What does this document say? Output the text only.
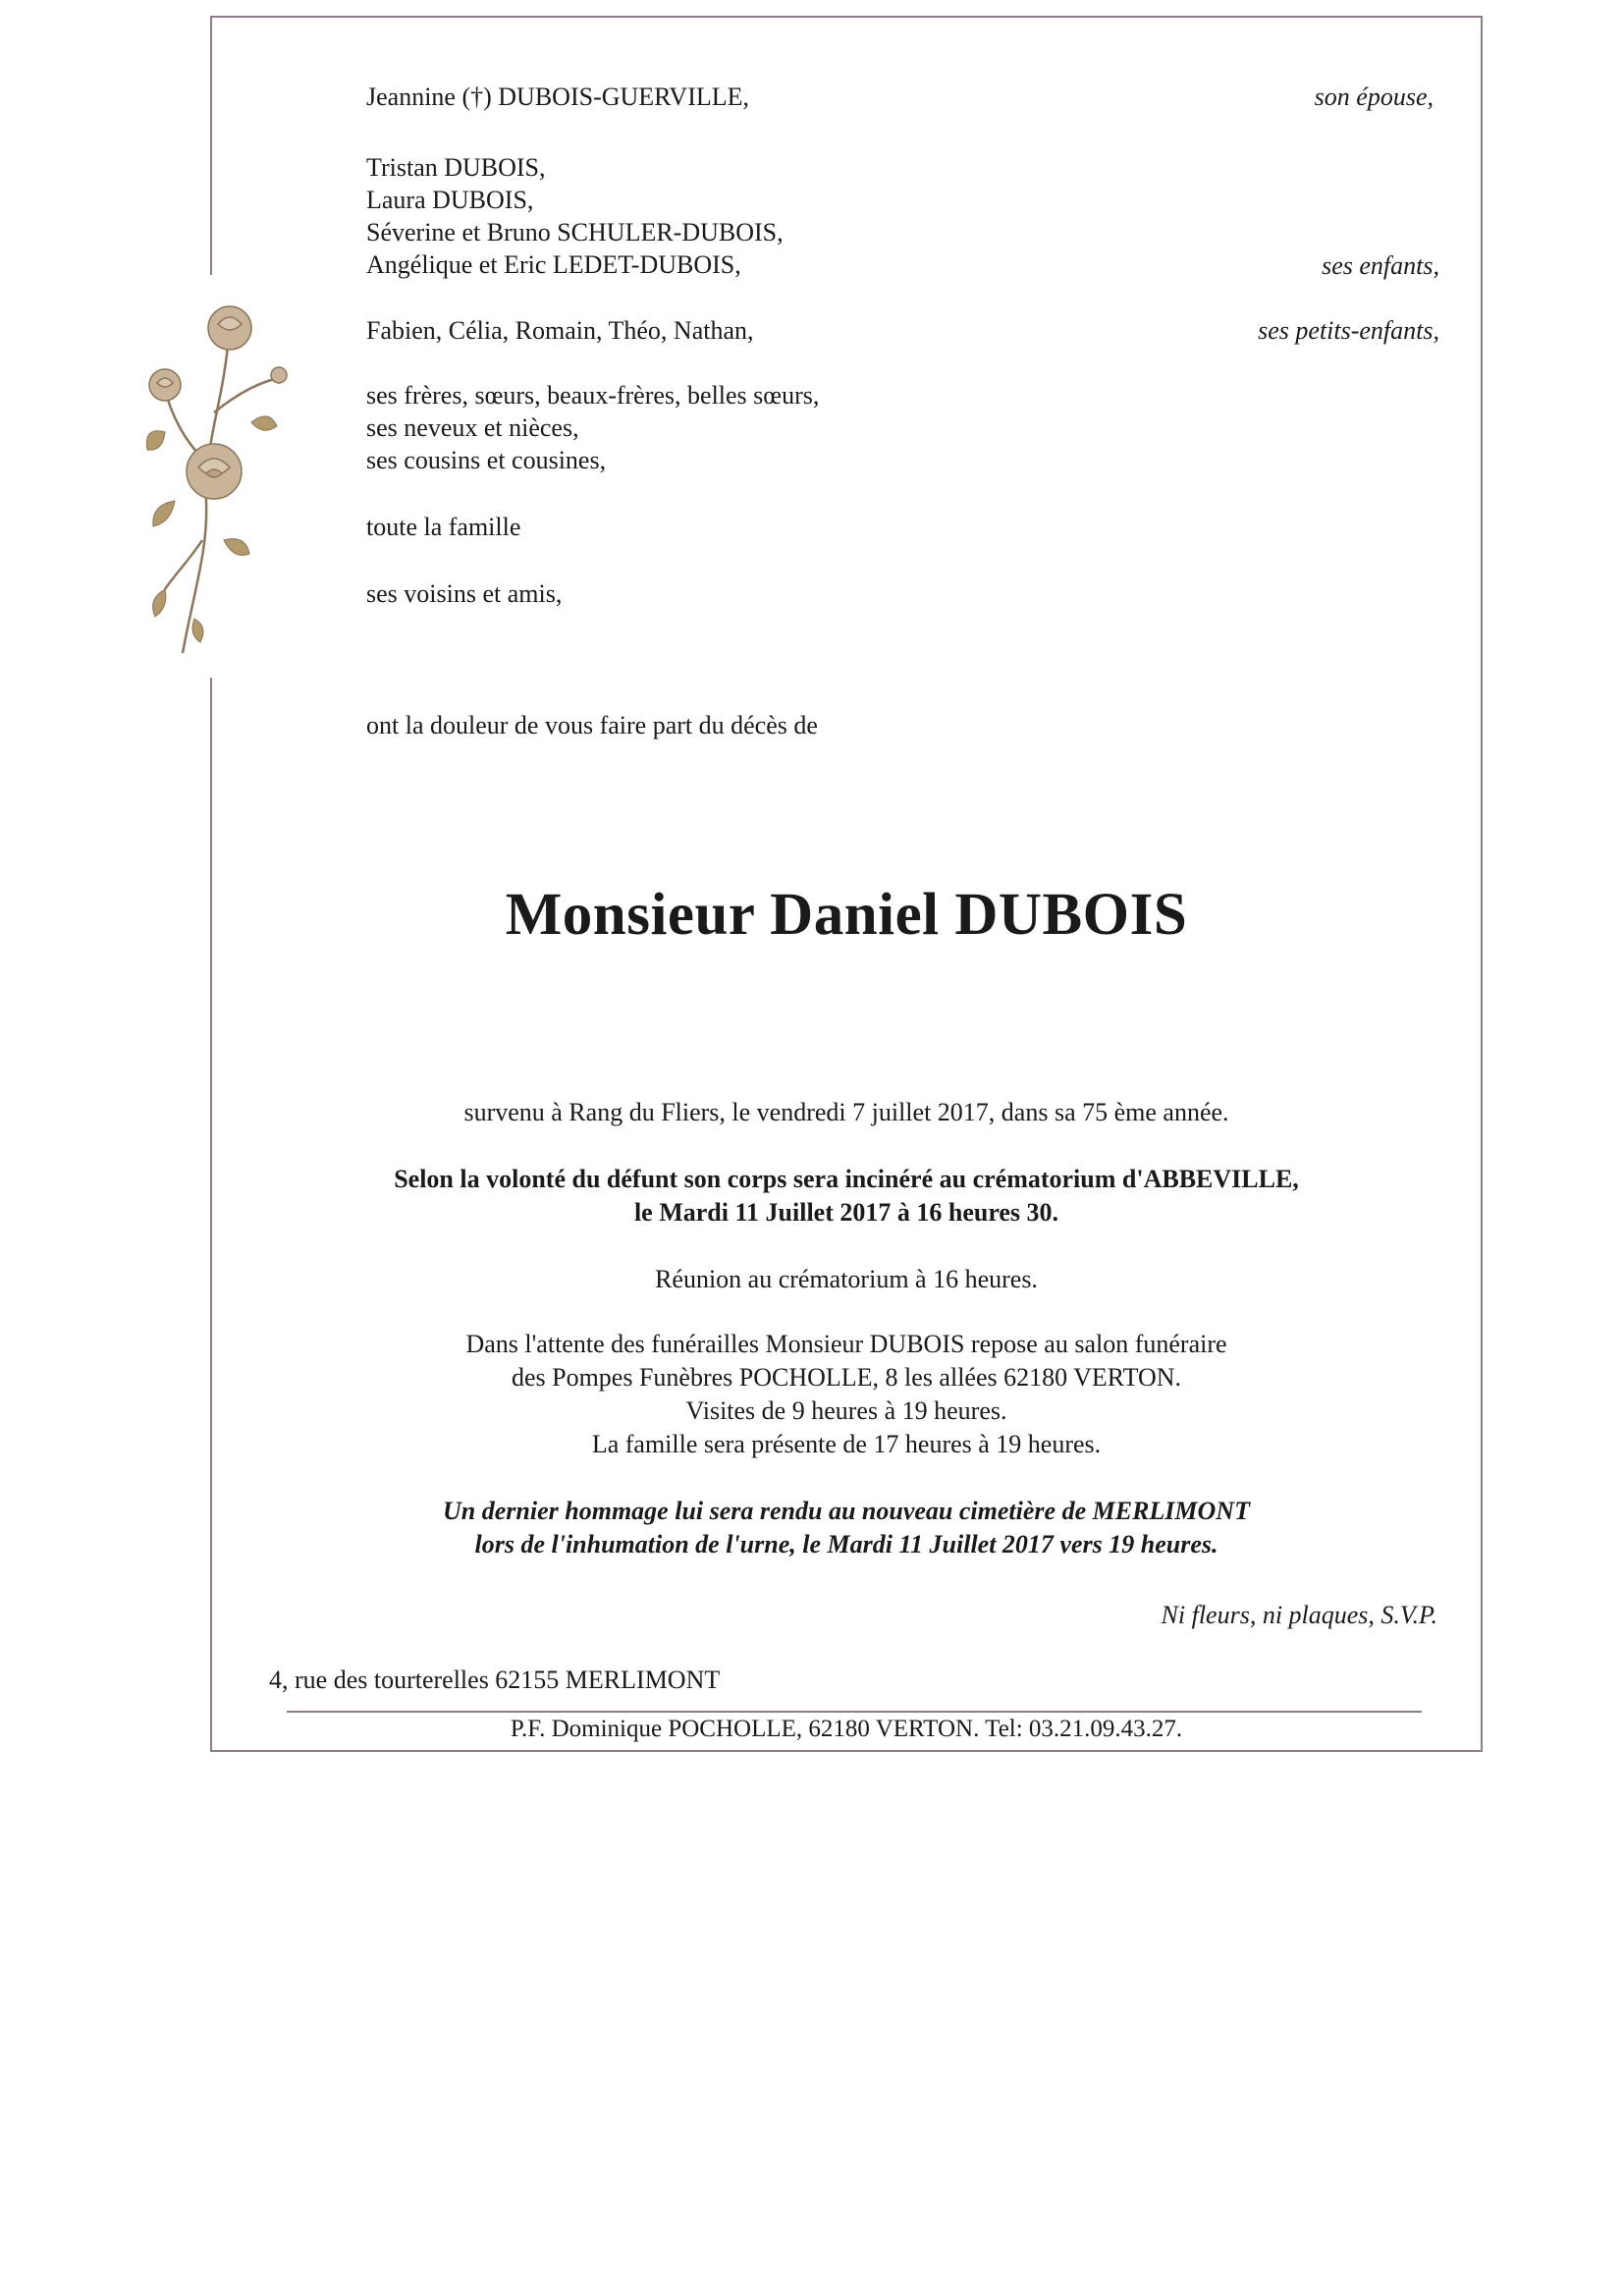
Jeannine (†) DUBOIS-GUERVILLE,	son épouse,
Tristan DUBOIS,
Laura DUBOIS,
Séverine et Bruno SCHULER-DUBOIS,
Angélique et Eric LEDET-DUBOIS,	ses enfants,
Fabien, Célia, Romain, Théo, Nathan,	ses petits-enfants,
ses frères, sœurs, beaux-frères, belles sœurs,
ses neveux et nièces,
ses cousins et cousines,
toute la famille
ses voisins et amis,
ont la douleur de vous faire part du décès de
Monsieur Daniel DUBOIS
survenu à Rang du Fliers, le vendredi 7 juillet 2017, dans sa 75 ème année.
Selon la volonté du défunt son corps sera incinéré au crématorium d'ABBEVILLE,
le Mardi 11 Juillet 2017 à 16 heures 30.
Réunion au crématorium à 16 heures.
Dans l'attente des funérailles Monsieur DUBOIS repose au salon funéraire
des Pompes Funèbres POCHOLLE, 8 les allées 62180 VERTON.
Visites de 9 heures à 19 heures.
La famille sera présente de 17 heures à 19 heures.
Un dernier hommage lui sera rendu au nouveau cimetière de MERLIMONT
lors de l'inhumation de l'urne, le Mardi 11 Juillet 2017 vers 19 heures.
Ni fleurs, ni plaques, S.V.P.
4, rue des tourterelles 62155 MERLIMONT
P.F. Dominique POCHOLLE, 62180 VERTON. Tel: 03.21.09.43.27.
